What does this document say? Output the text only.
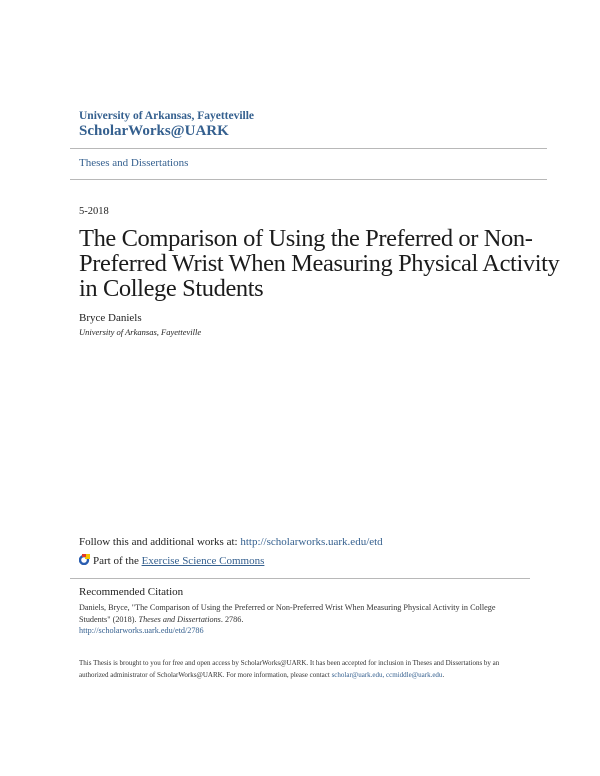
University of Arkansas, Fayetteville
ScholarWorks@UARK
Theses and Dissertations
5-2018
The Comparison of Using the Preferred or Non-
Preferred Wrist When Measuring Physical Activity
in College Students
Bryce Daniels
University of Arkansas, Fayetteville
Follow this and additional works at: http://scholarworks.uark.edu/etd
Part of the Exercise Science Commons
Recommended Citation
Daniels, Bryce, "The Comparison of Using the Preferred or Non-Preferred Wrist When Measuring Physical Activity in College
Students" (2018). Theses and Dissertations. 2786.
http://scholarworks.uark.edu/etd/2786
This Thesis is brought to you for free and open access by ScholarWorks@UARK. It has been accepted for inclusion in Theses and Dissertations by an
authorized administrator of ScholarWorks@UARK. For more information, please contact scholar@uark.edu, ccmiddle@uark.edu.
